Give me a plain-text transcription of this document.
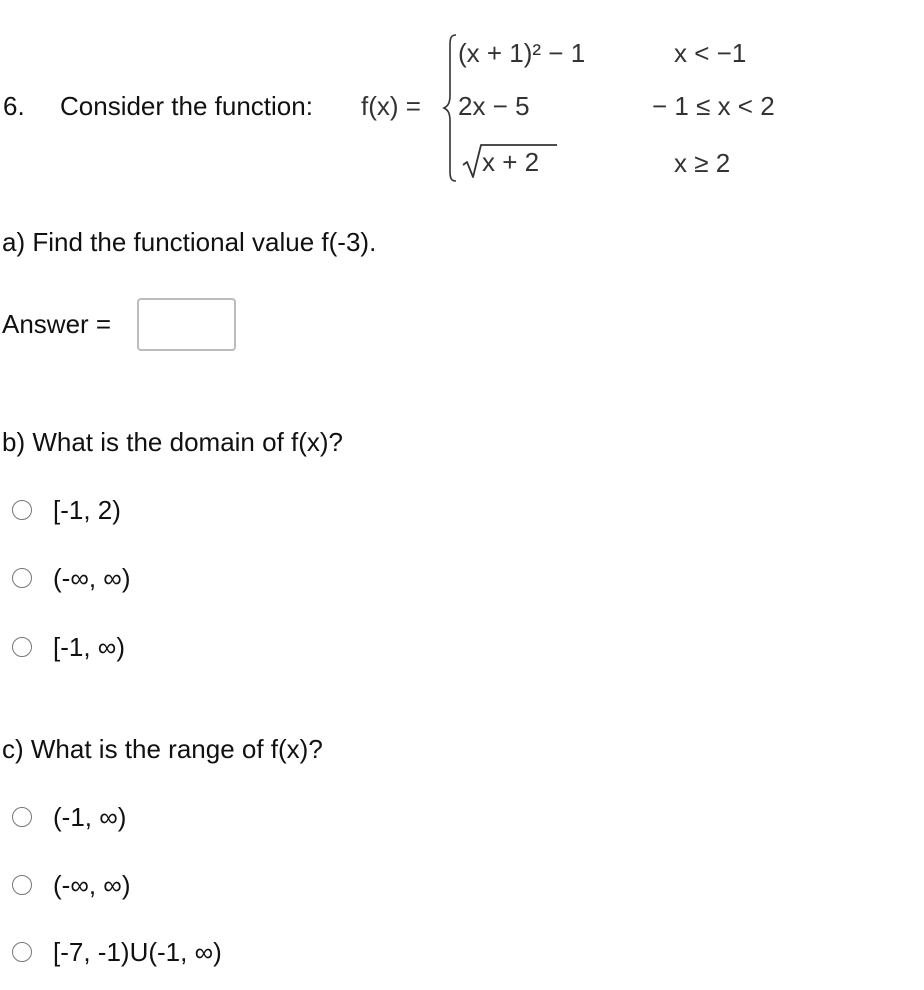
6. Consider the function: f(x) =
(x + 1)² − 1
2x − 5
x + 2
x < −1
− 1 ≤ x < 2
x ≥ 2
a) Find the functional value f(-3).
Answer =
b) What is the domain of f(x)?
[-1, 2)
(-∞, ∞)
[-1, ∞)
c) What is the range of f(x)?
(-1, ∞)
(-∞, ∞)
[-7, -1)U(-1, ∞)
